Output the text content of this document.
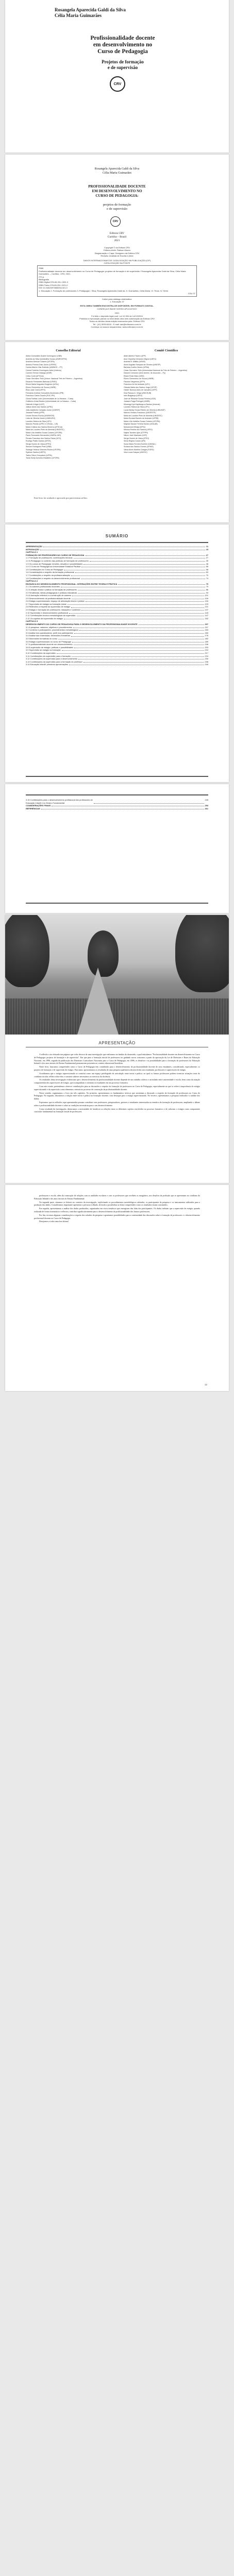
Rosangela Aparecida Galdi da Silva
Célia Maria Guimarães
Profissionalidade docente
em desenvolvimento no
Curso de Pedagogia
Projetos de formação
e de supervisão
CRV
Rosangela Aparecida Galdi da Silva
Célia Maria Guimarães
PROFISSIONALIDADE DOCENTE
EM DESENVOLVIMENTO NO
CURSO DE PEDAGOGIA:
projetos de formação
e de supervisão
CRV
Editora CRV
Curitiba – Brasil
2021
Copyright © da Editora CRV
Editora-chefe: Railson Moura
Diagramação e Capa: Designers da Editora CRV
Revisão: Analista de Escrita e Artes
DADOS INTERNACIONAIS DE CATALOGAÇÃO NA PUBLICAÇÃO (CIP)
CATALOGAÇÃO NA FONTE
S586
Profissionalidade docente em desenvolvimento no Curso de Pedagogia: projetos de formação e de supervisão / Rosangela Aparecida Galdi da Silva, Célia Maria Guimarães. – Curitiba : CRV, 2021.
270 p.
Bibliografia
ISBN Digital 978-65-251-1320-3
ISBN Físico 978-65-251-1321-0
DOI 10.24824/978652511321.0
1. Educação 2. Formação de professores 3. Pedagogia I. Silva, Rosangela Aparecida Galdi da. II. Guimarães, Célia Maria. III. Título. IV. Série.
CDU 37
Índice para catálogo sistemático
1. Educação 37
ESTA OBRA TAMBÉM ENCONTRA-SE DISPONÍVEL EM FORMATO DIGITAL.
CONHEÇA E BAIXE NOSSO APLICATIVO!
2021
Foi feito o depósito legal conf. Lei 10.994 de 14/12/2004
Proibida a reprodução parcial ou total desta obra sem autorização da Editora CRV
Todos os direitos desta edição reservados pela: Editora CRV
Tel.: (41) 3039-6418 - E-mail: sac@editoracrv.com.br
Conheça os nossos lançamentos: www.editoracrv.com.br
Conselho Editorial
Aldira Guimarães Duarte Domínguez (UNB)
Andréia da Silva Quintanilha Sousa (UNIR/UFRN)
Anselmo Alencar Colares (UFOPA)
Antônio Pereira Gaio Júnior (UFRRJ)
Carlos Alberto Vilar Estêvão (UMINHO – PT)
Carlos Federico Dominguez Avila (Unieuro)
Carmen Tereza Velanga (UNIR)
Celso Conti (UFSCar)
Cesar Gerónimo Tello (Univer. Nacional Três de Febrero – Argentina)
Eduardo Fernandes Barbosa (UFMG)
Elione Maria Nogueira Diogenes (UFAL)
Elizeu Clementino de Souza (UNEB)
Élsio José Corá (UFFS)
Fernando Antônio Gonçalves Alcoforado (IPB)
Francisco Carlos Duarte (PUC-PR)
Gloria Fariñas León (Universidade de La Havana – Cuba)
Guillermo Arias Beatón (Universidade de La Havana – Cuba)
Helmuth Krüger (UCP)
Jailson Alves dos Santos (UFRJ)
João Adalberto Campato Junior (UNESP)
Josania Portela (UFPI)
Leonel Severo Rocha (UNISINOS)
Lídia de Oliveira Xavier (UNIEURO)
Lourdes Helena da Silva (UFV)
Marcelo Paixão (UFRJ e UTexas – US)
Maria Cristina dos Santos Bezerra (UFSCar)
Maria de Lourdes Pinto de Almeida (UNOESC)
Maria Lília Imbiriba Sousa Colares (UFOPA)
Paulo Romualdo Hernandes (UNIFAL-MG)
Renato Francisco dos Santos Paula (UFG)
Rodrigo Pratte-Santos (UFES)
Sérgio Nunes de Jesus (IFRO)
Simone Rodrigues Pinto (UNB)
Solange Helena Ximenes-Rocha (UFOPA)
Sydione Santos (UEPG)
Tadeu Oliver Gonçalves (UFPA)
Tania Suely Azevedo Brasileiro (UFOPA)
Comitê Científico
Altair Alberto Fávero (UPF)
Ana Chrystina Venancio Mignot (UERJ)
Andréia N. Militão (UEMS)
Anna Augusta Sampaio de Oliveira (UNESP)
Barbara Coelho Neves (UFBA)
Cesar Gerónimo Tello (Universidad Nacional de Três de Febrero – Argentina)
Diosnel Centurion (Univ Americ. de Asunción – Py)
Eliane Rose Maio (UEM)
Elizeu Clementino de Souza (UNEB)
Fauston Negreiros (UFPI)
Francisco Ari de Andrade (UFC)
Gláucia Maria dos Santos Jorge (UFOP)
Helder Buenos Aires de Carvalho (UFPI)
Ilma Passos A. Veiga (UNICEUB)
Inês Bragança (UERJ)
José de Ribamar Sousa Pereira (UCB)
Jussara Fraga Portugal (UNEB)
Kilwangy Kya Kapitango-a-Samba (Unemat)
Lourdes Helena da Silva (UFV)
Lucia Marisy Souza Ribeiro de Oliveira (UNIVASF)
Marcos Vinicius Francisco (UNOESTE)
Maria de Lourdes Pinto de Almeida (UNOESC)
Maria Eurácia Barreto de Andrade (UFRB)
Maria Lília Imbiriba Sousa Colares (UFOPA)
Míghian Danae Ferreira Nunes (UNILAB)
Mohammed Elhajji (UFRJ)
Mônica Pereira dos Santos (UFRJ)
Najela Tavares Ujiie (UTFPR)
Nilson José Machado (USP)
Sérgio Nunes de Jesus (IFRO)
Silvia Regina Canan (URI)
Sonia Maria Ferreira Koehler (UNISAL)
Suzana dos Santos Gomes (UFMG)
Vânia Alves Martins Chaigar (FURG)
Vera Lucia Gaspar (UDESC)
Este livro foi avaliado e aprovado por pareceristas ad hoc.
SUMÁRIO
APRESENTAÇÃO	11
INTRODUÇÃO	15
CAPÍTULO 1
FORMAÇÃO DE PROFESSORES NO CURSO DE PEDAGOGIA	27
1.1 Formação de professores: contribuições teóricas	27
1.2 A Pedagogia no contexto das políticas de formação de professores	39
1.3 Os cursos de Pedagogia: tensões, desafios e possibilidades	48
1.4 O Curso de Pedagogia da Universidade Estadual Paulista	55
1.5 Contribuições do Curso de Pedagogia	58
1.6 Considerações a respeito da formação profissional	63
1.7 Contribuições a respeito da profissionalização	70
1.8 Contribuições a respeito do desenvolvimento profissional	74
CAPÍTULO 2
EM BUSCA DO DESENVOLVIMENTO PROFISSIONAL: INTERAÇÕES ENTRE TEORIA E PRÁTICA	79
2.1 Os saberes profissionais docentes	79
2.2 A relação teoria e prática na formação de professores	86
2.3 Tendências, ideias pedagógicas e práticas educativas	93
2.4 A formação reflexiva e a construção de saberes	101
2.5 Desenvolvimento da profissionalidade docente	109
2.6 Estágio supervisionado: espaço de articulação teoria e prática	116
2.7 Supervisão de estágio na formação inicial	123
2.8 Reflexões a respeito da supervisão de estágio	131
2.9 Estágio e formação de professores: situações e contextos	137
2.10 Supervisão e desenvolvimento profissional	143
2.11 Contribuições teórico-metodológicas da supervisão	147
2.12 Os sujeitos da supervisão de estágio	152
CAPÍTULO 3
DESENVOLVIMENTO DO CURSO DE PEDAGOGIA PARA O DESENVOLVIMENTO DA PROFISSIONALIDADE DOCENTE	157
3.1 A pesquisa: natureza, objetivos e procedimentos	157
3.2 Contexto e participantes: procedimentos metodológicos	163
3.3 Análise dos questionários: perfil dos participantes	169
3.4 Análise das entrevistas: dimensões formativas	176
3.5 Dimensões formativas do curso	182
3.6 Estágio supervisionado no curso de Pedagogia	189
3.7 A profissionalidade docente em desenvolvimento	196
3.8 A supervisão de estágio: práticas e possibilidades	203
3.9 Supervisão de estágio na formação	210
3.10 Contribuições da supervisão	217
3.11 Contribuições da supervisão para a formação	224
3.12 Contribuições da supervisão para o desenvolvimento	230
3.13 Contribuições da supervisão para a formação do professor	236
3.14 Educação Infantil: primeiras aproximações	240
3.15 Contribuições para o desenvolvimento profissional dos professores de
Educação Infantil e do Ensino Fundamental
245
CONSIDERAÇÕES FINAIS	253
REFERÊNCIAS	261
APRESENTAÇÃO

A reflexão a ser efetuada nas páginas que virão decorre de uma investigação que realizamos no âmbito do doutorado, a qual intitulamos "Profissionalidade docente em desenvolvimento no Curso de Pedagogia: projetos de formação e de supervisão". Em que pese a formação inicial de professores ter ganhado novos contornos a partir da aprovação da Lei de Diretrizes e Bases da Educação Nacional, em 1996, seguida da publicação das Diretrizes Curriculares Nacionais para o Curso de Pedagogia, em 2006, os desafios e as possibilidades para a formação de professores da Educação Infantil e dos anos iniciais do Ensino Fundamental permanecem presentes no cenário educacional brasileiro.

Neste livro, buscamos compreender como o Curso de Pedagogia tem contribuído para o desenvolvimento da profissionalidade docente de seus estudantes, considerando, especialmente, os projetos de formação e de supervisão de estágio. Para tanto, apresentamos os resultados de uma pesquisa qualitativa desenvolvida com estudantes, professores e supervisores de estágio.

Acreditamos que o estágio supervisionado se constitui como um espaço privilegiado de articulação entre teoria e prática, no qual os futuros professores podem vivenciar situações reais do cotidiano escolar, refletir sobre elas e construir saberes necessários ao exercício da docência.

Os resultados desta investigação evidenciam que o desenvolvimento da profissionalidade docente depende de um trabalho coletivo e articulado entre universidade e escola, bem como da atuação comprometida dos supervisores de estágio, que acompanham e orientam os estudantes em seu processo formativo.

Com este estudo, pretendemos oferecer contribuições para as discussões a respeito da formação de professores no Curso de Pedagogia, especialmente no que se refere à importância do estágio supervisionado e da supervisão como elementos centrais no processo de construção da profissionalidade docente.

Nesse sentido, organizamos o livro em três capítulos. No primeiro, apresentamos os fundamentos teóricos que sustentam a discussão a respeito da formação de professores no Curso de Pedagogia. No segundo, discutimos a relação entre teoria e prática na formação docente, com destaque para o estágio supervisionado. No terceiro, apresentamos a pesquisa realizada e a análise dos dados.

Esperamos que as reflexões aqui apresentadas possam contribuir com professores, pesquisadores, gestores e estudantes interessados na temática da formação de professores, ampliando o debate sobre a profissionalidade docente e sobre as condições necessárias para o seu desenvolvimento.

Como resultado da investigação, destacamos a necessidade de fortalecer as relações entre os diferentes sujeitos envolvidos no processo formativo e de valorizar o estágio como componente curricular fundamental na formação inicial de professores.

professores e escola, além da construção de relações com as unidades escolares e com os professores que recebem os estagiários, nos desafios da profissão que se apresentam no cotidiano da Educação Infantil e dos anos iniciais do Ensino Fundamental.

Na segunda parte, situamos os leitores no contexto da investigação, explicitando os procedimentos metodológicos adotados, os participantes da pesquisa e os instrumentos utilizados para a produção dos dados. Consideramos importante apresentar o percurso trilhado, de modo a possibilitar ao leitor compreender como os resultados foram construídos.

Em seguida, apresentamos a análise dos dados produzidos, organizados em eixos temáticos que emergiram das falas dos participantes. Os dados indicam que a supervisão de estágio, quando realizada de forma sistemática e reflexiva, contribui significativamente para o desenvolvimento da profissionalidade dos futuros professores.

Por fim, tecemos algumas considerações a respeito dos achados da pesquisa e apontamos possibilidades para a continuidade das discussões sobre a formação de professores e o desenvolvimento profissional docente no Curso de Pedagogia.

Desejamos a todos uma boa leitura!

12
